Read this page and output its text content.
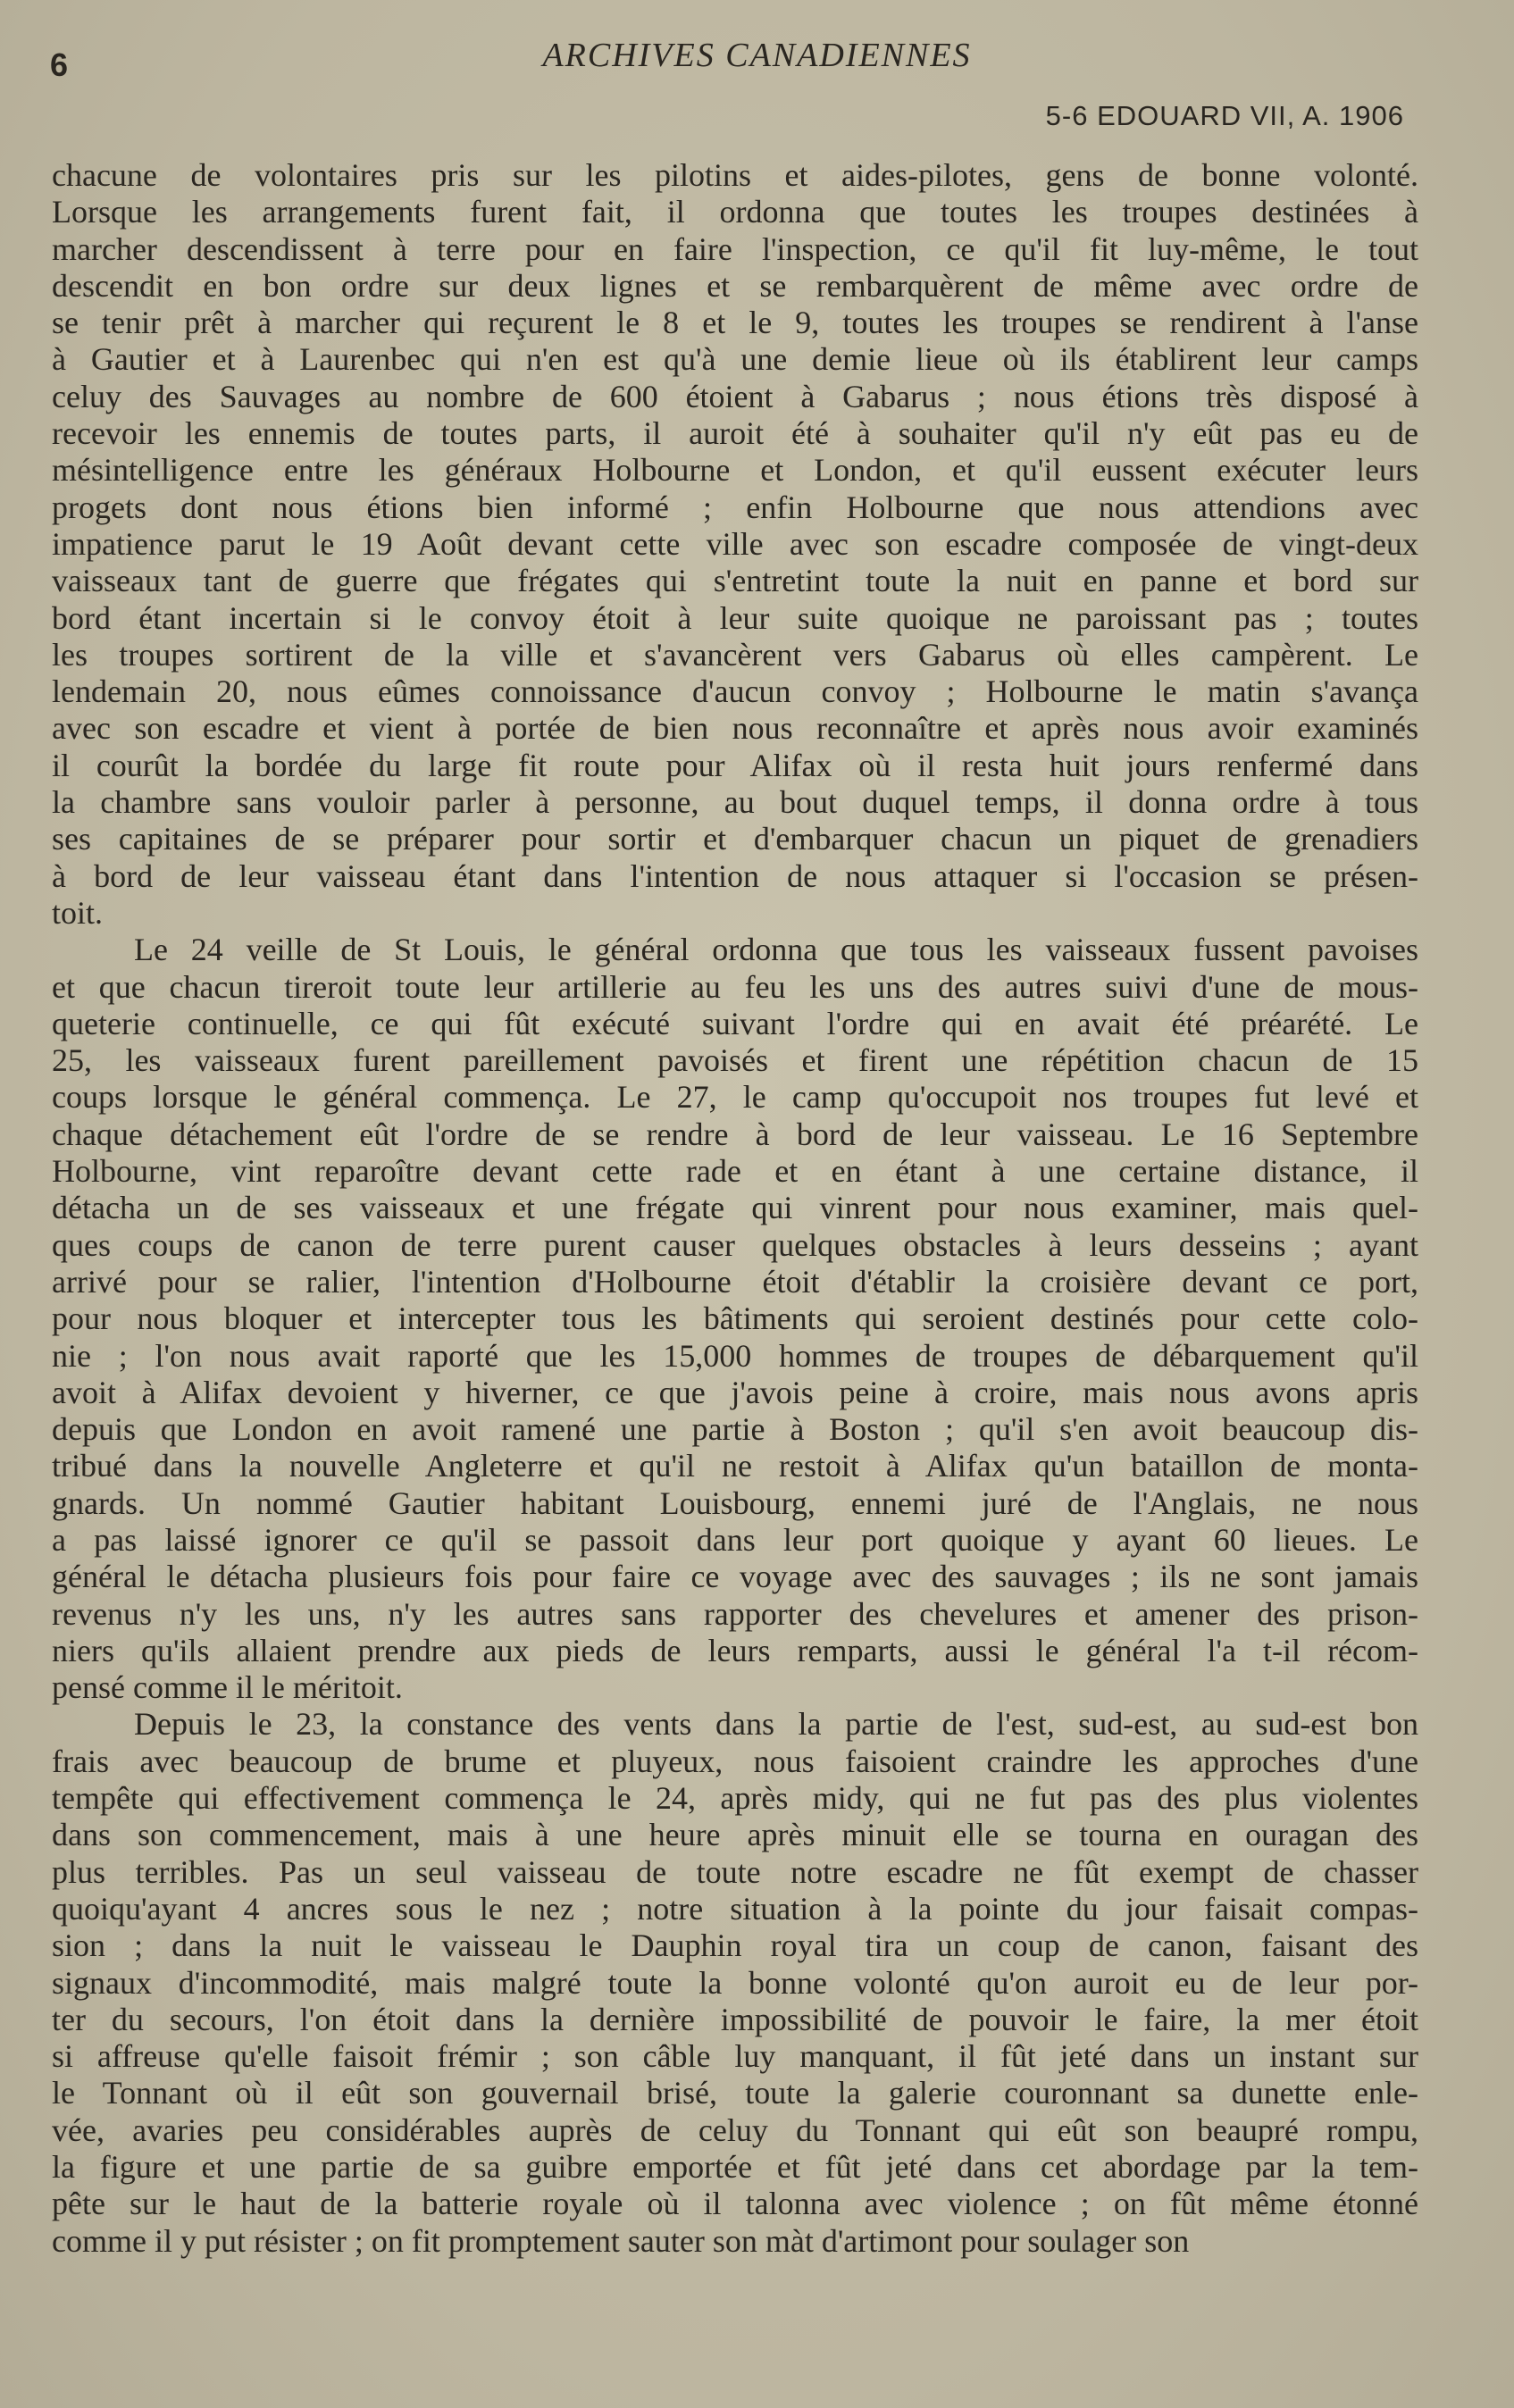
6	ARCHIVES CANADIENNES
5-6 EDOUARD VII, A. 1906
chacune de volontaires pris sur les pilotins et aides-pilotes, gens de bonne volonté.
Lorsque les arrangements furent fait, il ordonna que toutes les troupes destinées à
marcher descendissent à terre pour en faire l'inspection, ce qu'il fit luy-même, le tout
descendit en bon ordre sur deux lignes et se rembarquèrent de même avec ordre de
se tenir prêt à marcher qui reçurent le 8 et le 9, toutes les troupes se rendirent à l'anse
à Gautier et à Laurenbec qui n'en est qu'à une demie lieue où ils établirent leur camps
celuy des Sauvages au nombre de 600 étoient à Gabarus ; nous étions très disposé à
recevoir les ennemis de toutes parts, il auroit été à souhaiter qu'il n'y eût pas eu de
mésintelligence entre les généraux Holbourne et London, et qu'il eussent exécuter leurs
progets dont nous étions bien informé ; enfin Holbourne que nous attendions avec
impatience parut le 19 Août devant cette ville avec son escadre composée de vingt-deux
vaisseaux tant de guerre que frégates qui s'entretint toute la nuit en panne et bord sur
bord étant incertain si le convoy étoit à leur suite quoique ne paroissant pas ; toutes
les troupes sortirent de la ville et s'avancèrent vers Gabarus où elles campèrent. Le
lendemain 20, nous eûmes connoissance d'aucun convoy ; Holbourne le matin s'avança
avec son escadre et vient à portée de bien nous reconnaître et après nous avoir examinés
il courût la bordée du large fit route pour Alifax où il resta huit jours renfermé dans
la chambre sans vouloir parler à personne, au bout duquel temps, il donna ordre à tous
ses capitaines de se préparer pour sortir et d'embarquer chacun un piquet de grenadiers
à bord de leur vaisseau étant dans l'intention de nous attaquer si l'occasion se présen-
toit.
Le 24 veille de St Louis, le général ordonna que tous les vaisseaux fussent pavoises
et que chacun tireroit toute leur artillerie au feu les uns des autres suivi d'une de mous-
queterie continuelle, ce qui fût exécuté suivant l'ordre qui en avait été préarété. Le
25, les vaisseaux furent pareillement pavoisés et firent une répétition chacun de 15
coups lorsque le général commença. Le 27, le camp qu'occupoit nos troupes fut levé et
chaque détachement eût l'ordre de se rendre à bord de leur vaisseau. Le 16 Septembre
Holbourne, vint reparoître devant cette rade et en étant à une certaine distance, il
détacha un de ses vaisseaux et une frégate qui vinrent pour nous examiner, mais quel-
ques coups de canon de terre purent causer quelques obstacles à leurs desseins ; ayant
arrivé pour se ralier, l'intention d'Holbourne étoit d'établir la croisière devant ce port,
pour nous bloquer et intercepter tous les bâtiments qui seroient destinés pour cette colo-
nie ; l'on nous avait raporté que les 15,000 hommes de troupes de débarquement qu'il
avoit à Alifax devoient y hiverner, ce que j'avois peine à croire, mais nous avons apris
depuis que London en avoit ramené une partie à Boston ; qu'il s'en avoit beaucoup dis-
tribué dans la nouvelle Angleterre et qu'il ne restoit à Alifax qu'un bataillon de monta-
gnards. Un nommé Gautier habitant Louisbourg, ennemi juré de l'Anglais, ne nous
a pas laissé ignorer ce qu'il se passoit dans leur port quoique y ayant 60 lieues. Le
général le détacha plusieurs fois pour faire ce voyage avec des sauvages ; ils ne sont jamais
revenus n'y les uns, n'y les autres sans rapporter des chevelures et amener des prison-
niers qu'ils allaient prendre aux pieds de leurs remparts, aussi le général l'a t-il récom-
pensé comme il le méritoit.
Depuis le 23, la constance des vents dans la partie de l'est, sud-est, au sud-est bon
frais avec beaucoup de brume et pluyeux, nous faisoient craindre les approches d'une
tempête qui effectivement commença le 24, après midy, qui ne fut pas des plus violentes
dans son commencement, mais à une heure après minuit elle se tourna en ouragan des
plus terribles. Pas un seul vaisseau de toute notre escadre ne fût exempt de chasser
quoiqu'ayant 4 ancres sous le nez ; notre situation à la pointe du jour faisait compas-
sion ; dans la nuit le vaisseau le Dauphin royal tira un coup de canon, faisant des
signaux d'incommodité, mais malgré toute la bonne volonté qu'on auroit eu de leur por-
ter du secours, l'on étoit dans la dernière impossibilité de pouvoir le faire, la mer étoit
si affreuse qu'elle faisoit frémir ; son câble luy manquant, il fût jeté dans un instant sur
le Tonnant où il eût son gouvernail brisé, toute la galerie couronnant sa dunette enle-
vée, avaries peu considérables auprès de celuy du Tonnant qui eût son beaupré rompu,
la figure et une partie de sa guibre emportée et fût jeté dans cet abordage par la tem-
pête sur le haut de la batterie royale où il talonna avec violence ; on fût même étonné
comme il y put résister ; on fit promptement sauter son màt d'artimont pour soulager son
